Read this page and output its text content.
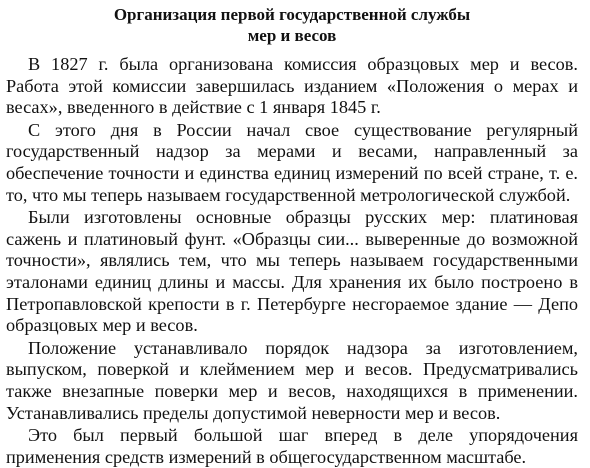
Организация первой государственной службы
мер и весов

В 1827 г. была организована комиссия образцовых мер и весов. Работа этой комиссии завершилась изданием «Положения о мерах и весах», введенного в действие с 1 января 1845 г.

С этого дня в России начал свое существование регулярный государственный надзор за мерами и весами, направленный за обеспечение точности и единства единиц измерений по всей стране, т. е. то, что мы теперь называем государственной метрологической службой.

Были изготовлены основные образцы русских мер: платиновая сажень и платиновый фунт. «Образцы сии... выверенные до возможной точности», являлись тем, что мы теперь называем государственными эталонами единиц длины и массы. Для хранения их было построено в Петропавловской крепости в г. Петербурге несгораемое здание — Депо образцовых мер и весов.

Положение устанавливало порядок надзора за изготовлением, выпуском, поверкой и клеймением мер и весов. Предусматривались также внезапные поверки мер и весов, находящихся в применении. Устанавливались пределы допустимой неверности мер и весов.

Это был первый большой шаг вперед в деле упорядочения применения средств измерений в общегосударственном масштабе.
